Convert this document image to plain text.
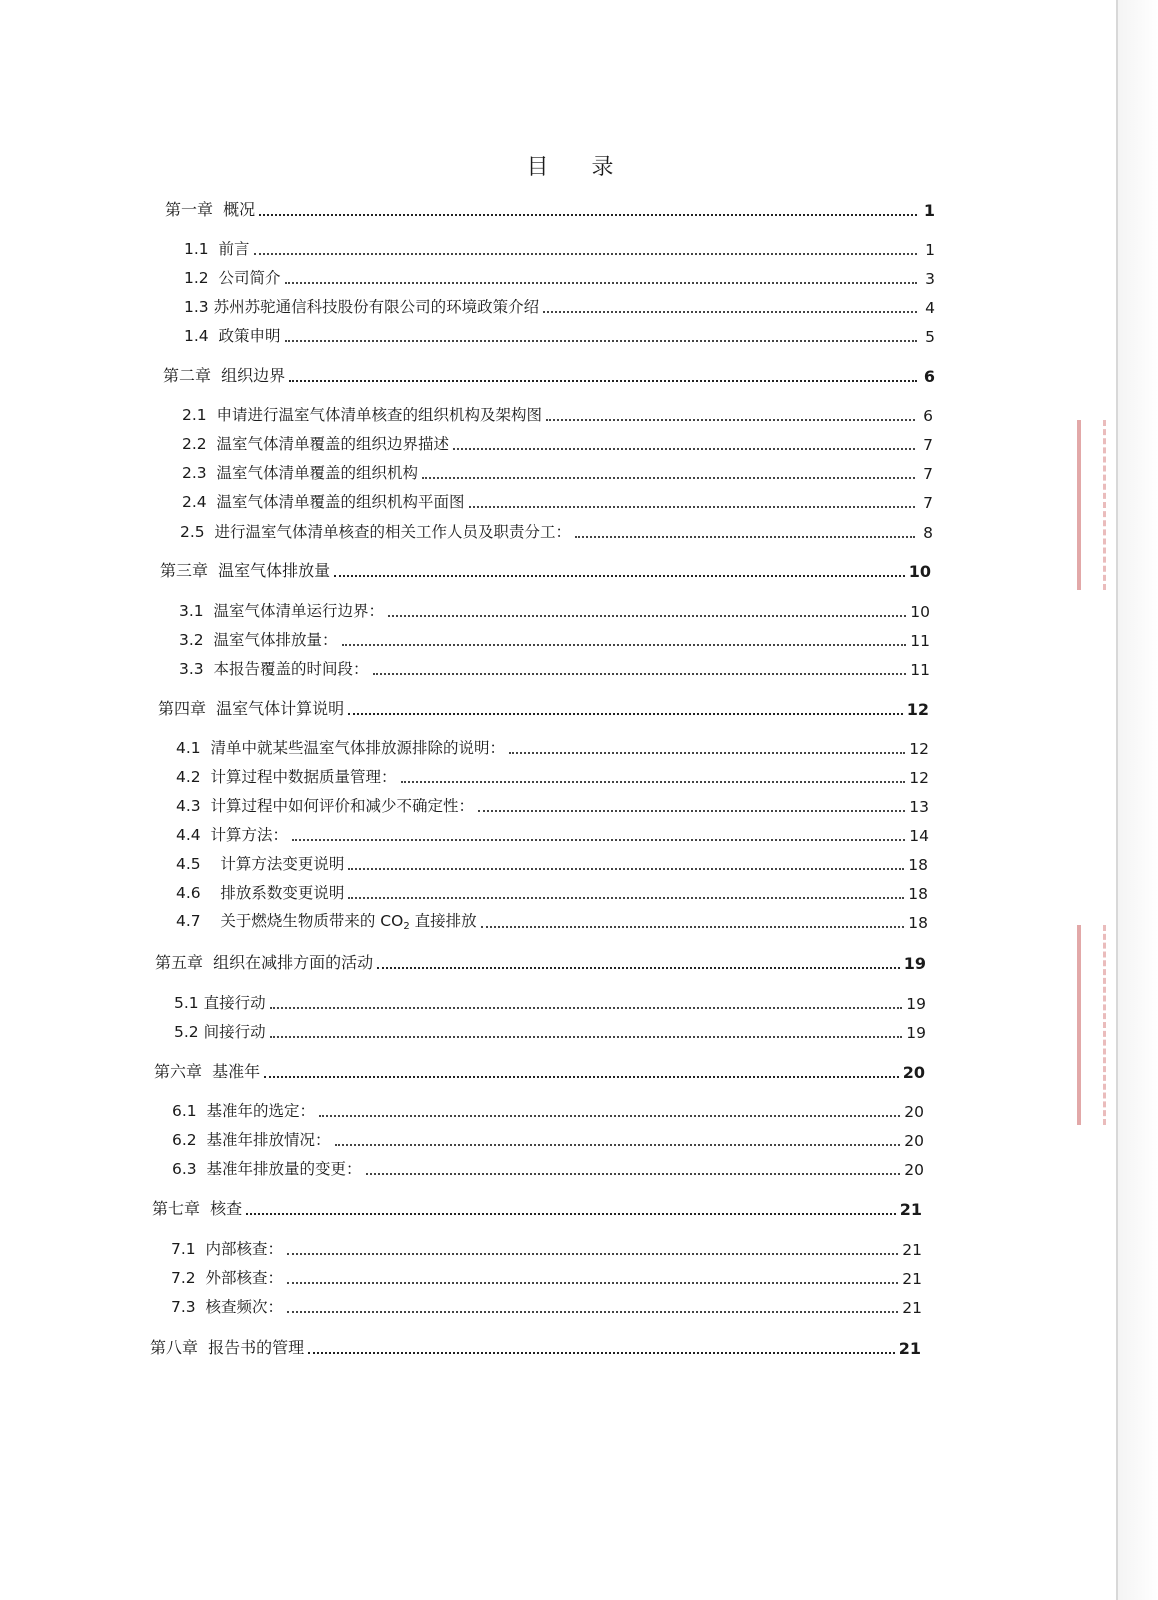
目 录
第一章  概况	1
1.1  前言	1
1.2  公司简介	3
1.3 苏州苏驼通信科技股份有限公司的环境政策介绍	4
1.4  政策申明	5
第二章  组织边界	6
2.1  申请进行温室气体清单核查的组织机构及架构图	6
2.2  温室气体清单覆盖的组织边界描述	7
2.3  温室气体清单覆盖的组织机构	7
2.4  温室气体清单覆盖的组织机构平面图	7
2.5  进行温室气体清单核查的相关工作人员及职责分工：	8
第三章  温室气体排放量	10
3.1  温室气体清单运行边界：	10
3.2  温室气体排放量：	11
3.3  本报告覆盖的时间段：	11
第四章  温室气体计算说明	12
4.1  清单中就某些温室气体排放源排除的说明：	12
4.2  计算过程中数据质量管理：	12
4.3  计算过程中如何评价和减少不确定性：	13
4.4  计算方法：	14
4.5    计算方法变更说明	18
4.6    排放系数变更说明	18
4.7    关于燃烧生物质带来的 $CO_2$ 直接排放	18
第五章  组织在减排方面的活动	19
5.1 直接行动	19
5.2 间接行动	19
第六章  基准年	20
6.1  基准年的选定：	20
6.2  基准年排放情况：	20
6.3  基准年排放量的变更：	20
第七章  核查	21
7.1  内部核查：	21
7.2  外部核查：	21
7.3  核查频次：	21
第八章  报告书的管理	21
